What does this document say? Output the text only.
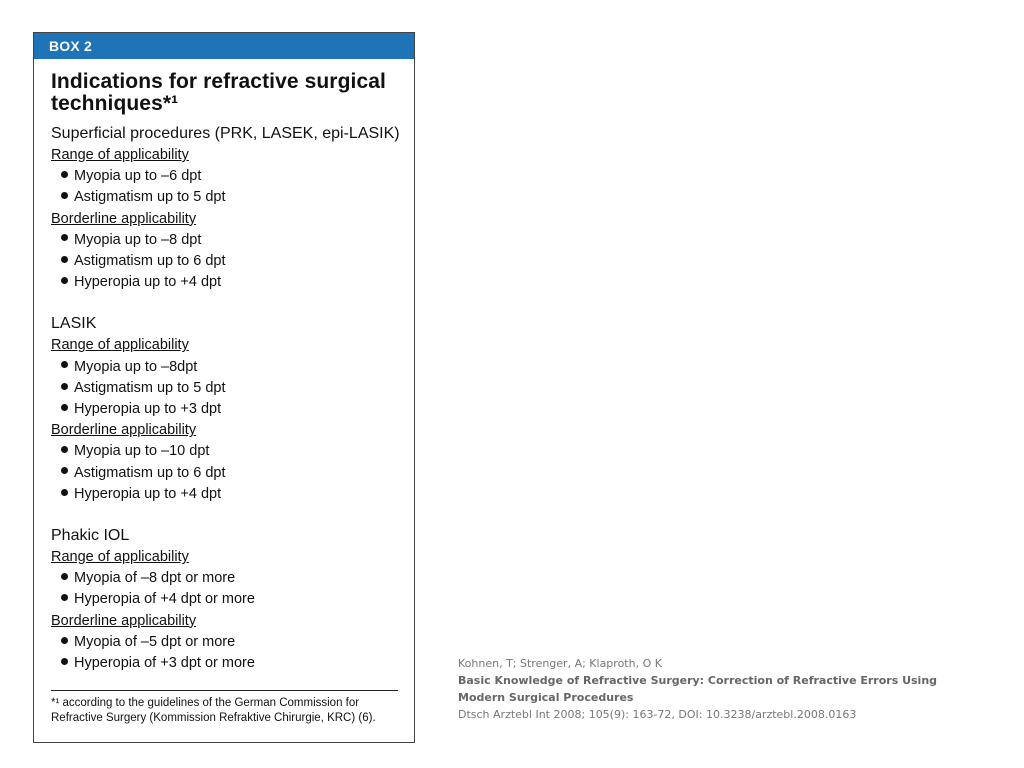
BOX 2
Indications for refractive surgical techniques*¹
Superficial procedures (PRK, LASEK, epi-LASIK)
Range of applicability
Myopia up to –6 dpt
Astigmatism up to 5 dpt
Borderline applicability
Myopia up to –8 dpt
Astigmatism up to 6 dpt
Hyperopia up to +4 dpt
LASIK
Range of applicability
Myopia up to –8dpt
Astigmatism up to 5 dpt
Hyperopia up to +3 dpt
Borderline applicability
Myopia up to –10 dpt
Astigmatism up to 6 dpt
Hyperopia up to +4 dpt
Phakic IOL
Range of applicability
Myopia of –8 dpt or more
Hyperopia of +4 dpt or more
Borderline applicability
Myopia of –5 dpt or more
Hyperopia of +3 dpt or more
*¹ according to the guidelines of the German Commission for Refractive Surgery (Kommission Refraktive Chirurgie, KRC) (6).
Kohnen, T; Strenger, A; Klaproth, O K
Basic Knowledge of Refractive Surgery: Correction of Refractive Errors Using Modern Surgical Procedures
Dtsch Arztebl Int 2008; 105(9): 163-72, DOI: 10.3238/arztebl.2008.0163
